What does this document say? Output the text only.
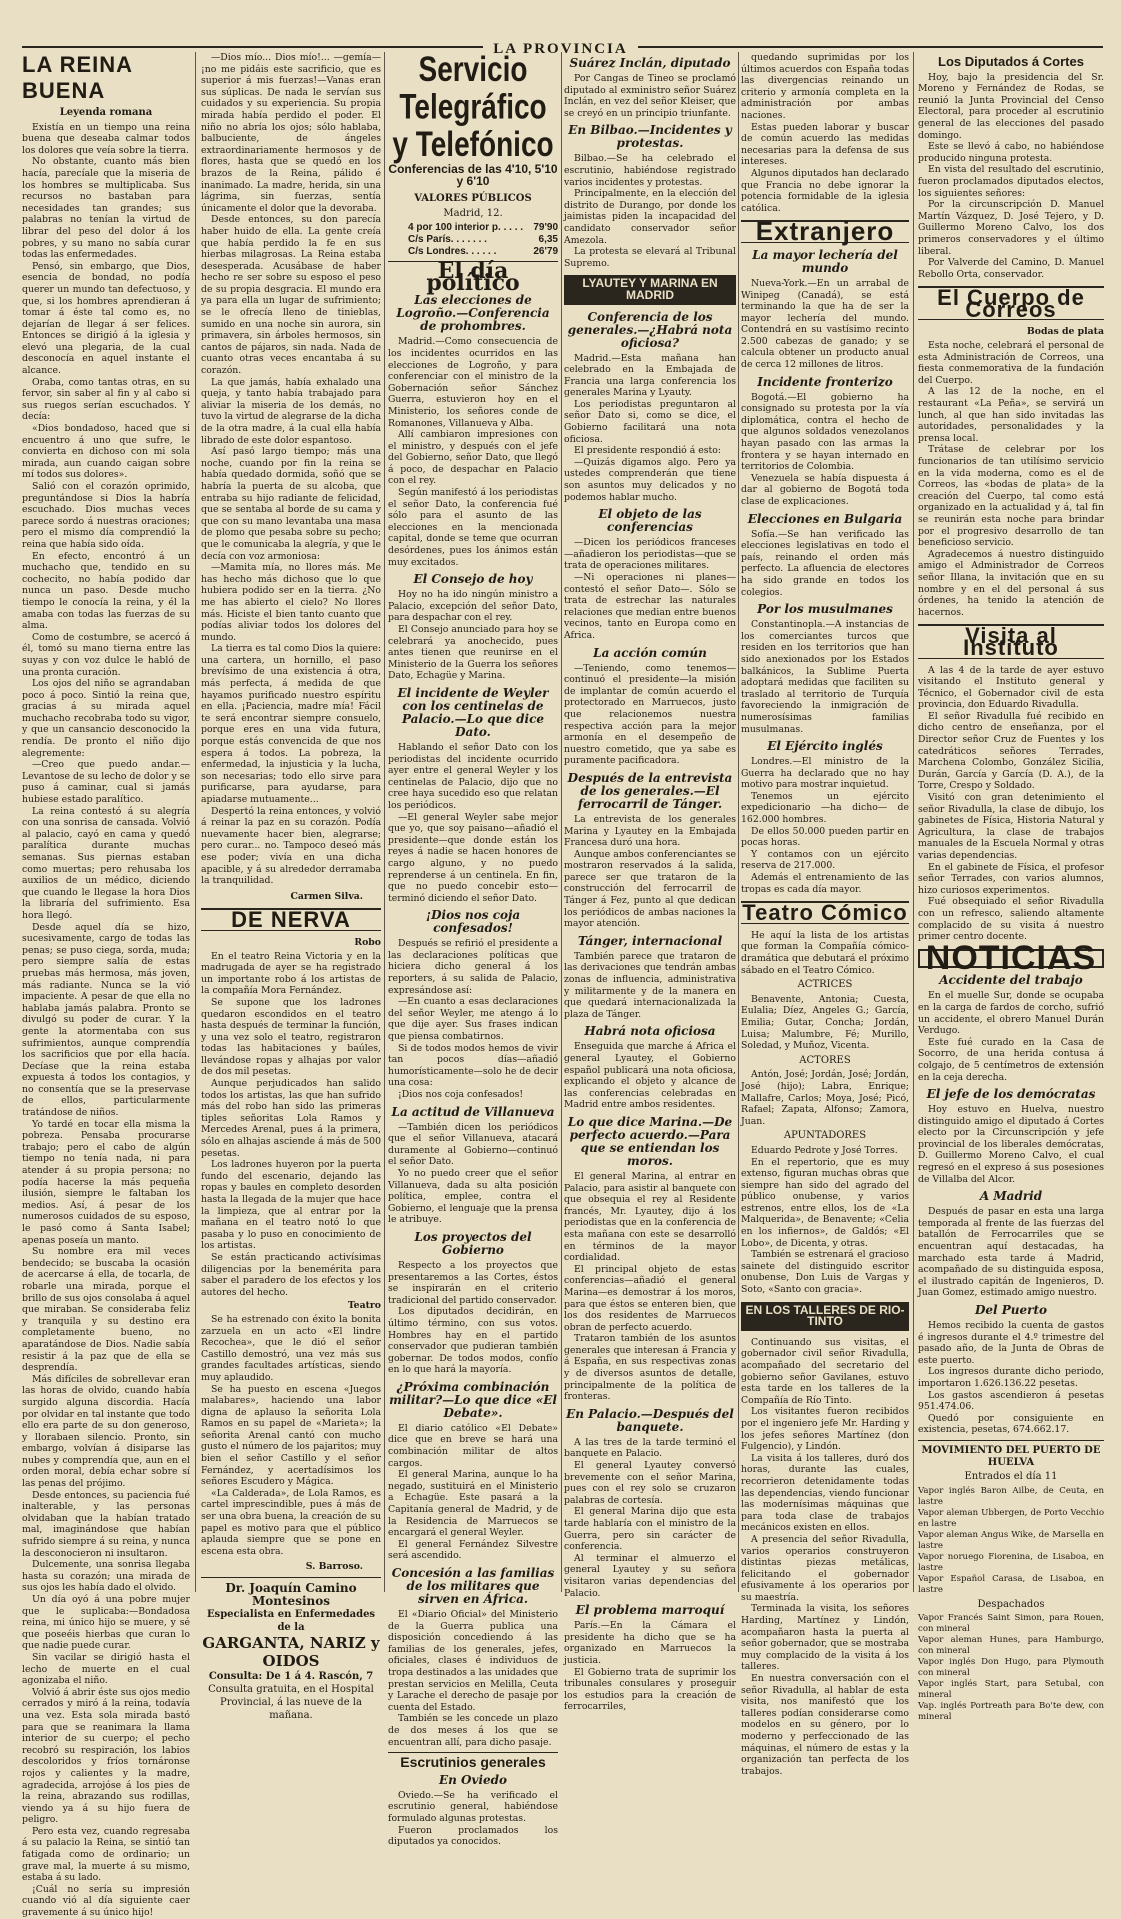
LA PROVINCIA
LA REINA BUENA
Leyenda romana

Existía en un tiempo una reina buena que deseaba calmar todos los dolores que veía sobre la tierra.

No obstante, cuanto más bien hacía, parecíale que la miseria de los hombres se multiplicaba. Sus recursos no bastaban para necesidades tan grandes; sus palabras no tenían la virtud de librar del peso del dolor á los pobres, y su mano no sabía curar todas las enfermedades.

Pensó, sin embargo, que Dios, esencia de bondad, no podía querer un mundo tan defectuoso, y que, si los hombres aprendieran á tomar á éste tal como es, no dejarían de llegar á ser felices. Entonces se dirigió á la iglesia y elevó una plegaria, de la cual desconocía en aquel instante el alcance.

Oraba, como tantas otras, en su fervor, sin saber al fin y al cabo si sus ruegos serían escuchados. Y decía:

«Dios bondadoso, haced que si encuentro á uno que sufre, le convierta en dichoso con mi sola mirada, aun cuando caigan sobre mí todos sus dolores».

Salió con el corazón oprimido, preguntándose si Dios la habría escuchado. Dios muchas veces parece sordo á nuestras oraciones; pero el mismo día comprendió la reina que había sido oída.

En efecto, encontró á un muchacho que, tendido en su cochecito, no había podido dar nunca un paso. Desde mucho tiempo le conocía la reina, y él la amaba con todas las fuerzas de su alma.

Como de costumbre, se acercó á él, tomó su mano tierna entre las suyas y con voz dulce le habló de una pronta curación.

Los ojos del niño se agrandaban poco á poco. Sintió la reina que, gracias á su mirada aquel muchacho recobraba todo su vigor, y que un cansancio desconocido la rendía. De pronto el niño dijo alegremente:

—Creo que puedo andar.—Levantose de su lecho de dolor y se puso á caminar, cual si jamás hubiese estado paralítico.

La reina contestó á su alegría con una sonrisa de cansada. Volvió al palacio, cayó en cama y quedó paralítica durante muchas semanas. Sus piernas estaban como muertas; pero rehusaba los auxilios de un médico, diciendo que cuando le llegase la hora Dios la libraría del sufrimiento. Esa hora llegó.

Desde aquel día se hizo, sucesivamente, cargo de todas las penas; se puso ciega, sorda, muda; pero siempre salía de estas pruebas más hermosa, más joven, más radiante. Nunca se la vió impaciente. A pesar de que ella no hablaba jamás palabra. Pronto se divulgó su poder de curar. Y la gente la atormentaba con sus sufrimientos, aunque comprendía los sacrificios que por ella hacía. Decíase que la reina estaba expuesta á todos los contagios, y no consentía que se la preservase de ellos, particularmente tratándose de niños.

Yo tardé en tocar ella misma la pobreza. Pensaba procurarse trabajo; pero el cabo de algún tiempo no tenía nada, ni para atender á su propia persona; no podía hacerse la más pequeña ilusión, siempre le faltaban los medios. Así, á pesar de los numerosos cuidados de su esposo, le pasó como á Santa Isabel; apenas poseía un manto.

Su nombre era mil veces bendecido; se buscaba la ocasión de acercarse á ella, de tocarla, de robarle una mirada, porque el brillo de sus ojos consolaba á aquel que miraban. Se consideraba feliz y tranquila y su destino era completamente bueno, no aparatándose de Dios. Nadie sabía resistir á la paz que de ella se desprendía.

Más difíciles de sobrellevar eran las horas de olvido, cuando había surgido alguna discordia. Hacía por olvidar en tal instante que todo ello era parte de su don generoso, y llorabaen silencio. Pronto, sin embargo, volvían á disiparse las nubes y comprendía que, aun en el orden moral, debía echar sobre sí las penas del prójimo.

Desde entonces, su paciencia fué inalterable, y las personas olvidaban que la habían tratado mal, imaginándose que habían sufrido siempre á su reina, y nunca la desconocieron ni insultaron.

Dulcemente, una sonrisa llegaba hasta su corazón; una mirada de sus ojos les había dado el olvido.

Un día oyó á una pobre mujer que le suplicaba:—Bondadosa reina, mi único hijo se muere, y sé que poseéis hierbas que curan lo que nadie puede curar.

Sin vacilar se dirigió hasta el lecho de muerte en el cual agonizaba el niño.

Volvió á abrir éste sus ojos medio cerrados y miró á la reina, todavía una vez. Esta sola mirada bastó para que se reanimara la llama interior de su cuerpo; el pecho recobró su respiración, los labios descoloridos y fríos tornáronse rojos y calientes y la madre, agradecida, arrojóse á los pies de la reina, abrazando sus rodillas, viendo ya á su hijo fuera de peligro.

Pero esta vez, cuando regresaba á su palacio la Reina, se sintió tan fatigada como de ordinario; un grave mal, la muerte á su mismo, estaba á su lado.

¡Cuál no sería su impresión cuando vió al día siguiente caer gravemente á su único hijo!

—Dios mío... Dios mío!... —gemía—¡no me pidáis este sacrificio, que es superior á mis fuerzas!—Vanas eran sus súplicas. De nada le servían sus cuidados y su experiencia. Su propia mirada había perdido el poder. El niño no abría los ojos; sólo hablaba, balbuciente, de ángeles extraordinariamente hermosos y de flores, hasta que se quedó en los brazos de la Reina, pálido é inanimado. La madre, herida, sin una lágrima, sin fuerzas, sentía únicamente el dolor que la devoraba.

Desde entonces, su don parecía haber huido de ella. La gente creía que había perdido la fe en sus hierbas milagrosas. La Reina estaba desesperada. Acusábase de haber hecho re ser sobre su esposo el peso de su propia desgracia. El mundo era ya para ella un lugar de sufrimiento; se le ofrecía lleno de tinieblas, sumido en una noche sin aurora, sin primavera, sin árboles hermosos, sin cantos de pájaros, sin nada. Nada de cuanto otras veces encantaba á su corazón.

La que jamás, había exhalado una queja, y tanto había trabajado para aliviar la miseria de los demás, no tuvo la virtud de alegrarse de la dicha de la otra madre, á la cual ella había librado de este dolor espantoso.

Así pasó largo tiempo; más una noche, cuando por fin la reina se había quedado dormida, soñó que se habría la puerta de su alcoba, que entraba su hijo radiante de felicidad, que se sentaba al borde de su cama y que con su mano levantaba una masa de plomo que pesaba sobre su pecho; que le comunicaba la alegría, y que le decía con voz armoniosa:

—Mamita mía, no llores más. Me has hecho más dichoso que lo que hubiera podido ser en la tierra. ¿No me has abierto el cielo? No llores más. Hiciste el bien tanto cuanto que podías aliviar todos los dolores del mundo.

La tierra es tal como Dios la quiere: una cartera, un hornillo, el paso brevísimo de una existencia á otra, más perfecta, á medida de que hayamos purificado nuestro espíritu en ella. ¡Paciencia, madre mía! Fácil te será encontrar siempre consuelo, porque eres en una vida futura, porque estás convencida de que nos espera á todos. La pobreza, la enfermedad, la injusticia y la lucha, son necesarias; todo ello sirve para purificarse, para ayudarse, para apiadarse mutuamente...

Despertó la reina entonces, y volvió á reinar la paz en su corazón. Podía nuevamente hacer bien, alegrarse; pero curar... no. Tampoco deseó más ese poder; vivía en una dicha apacible, y á su alrededor derramaba la tranquilidad.

Carmen Silva.
DE NERVA
Robo

En el teatro Reina Victoria y en la madrugada de ayer se ha registrado un importante robo á los artistas de la compañía Mora Fernández.

Se supone que los ladrones quedaron escondidos en el teatro hasta después de terminar la función, y una vez solo el teatro, registraron todas las habitaciones y baúles, llevándose ropas y alhajas por valor de dos mil pesetas.

Aunque perjudicados han salido todos los artistas, las que han sufrido más del robo han sido las primeras tiples señoritas Lola Ramos y Mercedes Arenal, pues á la primera, sólo en alhajas asciende á más de 500 pesetas.

Los ladrones huyeron por la puerta fundo del escenario, dejando las ropas y baules en completo desorden hasta la llegada de la mujer que hace la limpieza, que al entrar por la mañana en el teatro notó lo que pasaba y lo puso en conocimiento de los artistas.

Se están practicando activísimas diligencias por la benemérita para saber el paradero de los efectos y los autores del hecho.

Teatro

Se ha estrenado con éxito la bonita zarzuela en un acto «El lindre Recochea», que le dió el señor Castillo demostró, una vez más sus grandes facultades artísticas, siendo muy aplaudido.

Se ha puesto en escena «Juegos malabares», haciendo una labor digna de aplauso la señorita Lola Ramos en su papel de «Marieta»; la señorita Arenal cantó con mucho gusto el número de los pajaritos; muy bien el señor Castillo y el señor Fernández, y acertadísimos los señores Escudero y Mágica.

«La Calderada», de Lola Ramos, es cartel imprescindible, pues á más de ser una obra buena, la creación de su papel es motivo para que el público aplauda siempre que se pone en escena esta obra.

S. Barroso.
Dr. Joaquín Camino Montesinos
Especialista en Enfermedades de la
GARGANTA, NARIZ y OIDOS
Consulta: De 1 á 4. Rascón, 7
Consulta gratuita, en el Hospital Provincial, á las nueve de la mañana.
Servicio Telegráfico y Telefónico
Conferencias de las 4'10, 5'10 y 6'10
VALORES PÚBLICOS
Madrid, 12.
4 por 100 interior p. . . . . 79'90
C/s París. . . . . . .	6,35
C/s Londres. . . . . .	26'79
El día político
Las elecciones de Logroño.—Conferencia de prohombres.

Madrid.—Como consecuencia de los incidentes ocurridos en las elecciones de Logroño, y para conferenciar con el ministro de la Gobernación señor Sánchez Guerra, estuvieron hoy en el Ministerio, los señores conde de Romanones, Villanueva y Alba.

Allí cambiaron impresiones con el ministro, y después con el jefe del Gobierno, señor Dato, que llegó á poco, de despachar en Palacio con el rey.

Según manifestó á los periodistas el señor Dato, la conferencia fué sólo para el asunto de las elecciones en la mencionada capital, donde se teme que ocurran desórdenes, pues los ánimos están muy excitados.

El Consejo de hoy

Hoy no ha ido ningún ministro a Palacio, excepción del señor Dato, para despachar con el rey.

El Consejo anunciado para hoy se celebrará ya anochecido, pues antes tienen que reunirse en el Ministerio de la Guerra los señores Dato, Echagüe y Marina.

El incidente de Weyler con los centinelas de Palacio.—Lo que dice Dato.

Hablando el señor Dato con los periodistas del incidente ocurrido ayer entre el general Weyler y los centinelas de Palacio, dijo que no cree haya sucedido eso que relatan los periódicos.

—El general Weyler sabe mejor que yo, que soy paisano—añadió el presidente—que donde están los reyes á nadie se hacen honores de cargo alguno, y no puedo reprenderse á un centinela. En fin, que no puedo concebir esto—terminó diciendo el señor Dato.

¡Dios nos coja confesados!

Después se refirió el presidente a las declaraciones políticas que hiciera dicho general á los reporters, á su salida de Palacio, expresándose así:

—En cuanto a esas declaraciones del señor Weyler, me atengo á lo que dije ayer. Sus frases indican que piensa combatirnos.

Si de todos modos hemos de vivir tan pocos días—añadió humorísticamente—solo he de decir una cosa:

¡Dios nos coja confesados!

La actitud de Villanueva

—También dicen los periódicos que el señor Villanueva, atacará duramente al Gobierno—continuó el señor Dato.

Yo no puedo creer que el señor Villanueva, dada su alta posición política, emplee, contra el Gobierno, el lenguaje que la prensa le atribuye.

Los proyectos del Gobierno

Respecto a los proyectos que presentaremos a las Cortes, éstos se inspirarán en el criterio tradicional del partido conservador.

Los diputados decidirán, en último término, con sus votos. Hombres hay en el partido conservador que pudieran también gobernar. De todos modos, confío en lo que hará la mayoría.

¿Próxima combinación militar?—Lo que dice «El Debate».

El diario católico «El Debate» dice que en breve se hará una combinación militar de altos cargos.

El general Marina, aunque lo ha negado, sustituirá en el Ministerio a Echagüe. Este pasará a la Capitanía general de Madrid, y de la Residencia de Marruecos se encargará el general Weyler.

El general Fernández Silvestre será ascendido.

Concesión a las familias de los militares que sirven en África.

El «Diario Oficial» del Ministerio de la Guerra publica una disposición concediendo á las familias de los generales, jefes, oficiales, clases é individuos de tropa destinados a las unidades que prestan servicios en Melilla, Ceuta y Larache el derecho de pasaje por cuenta del Estado.

También se les concede un plazo de dos meses á los que se encuentran allí, para dicho pasaje.

Escrutinios generales
En Oviedo

Oviedo.—Se ha verificado el escrutinio general, habiéndose formulado algunas protestas.

Fueron proclamados los diputados ya conocidos.

Suárez Inclán, diputado

Por Cangas de Tineo se proclamó diputado al exministro señor Suárez Inclán, en vez del señor Kleiser, que se creyó en un principio triunfante.

En Bilbao.—Incidentes y protestas.

Bilbao.—Se ha celebrado el escrutinio, habiéndose registrado varios incidentes y protestas.

Principalmente, en la elección del distrito de Durango, por donde los jaimistas piden la incapacidad del candidato conservador señor Amezola.

La protesta se elevará al Tribunal Supremo.

LYAUTEY Y MARINA EN MADRID
Conferencia de los generales.—¿Habrá nota oficiosa?

Madrid.—Esta mañana han celebrado en la Embajada de Francia una larga conferencia los generales Marina y Lyauty.

Los periodistas preguntaron al señor Dato si, como se dice, el Gobierno facilitará una nota oficiosa.

El presidente respondió á esto:

—Quizás digamos algo. Pero ya ustedes comprenderán que tiene son asuntos muy delicados y no podemos hablar mucho.

El objeto de las conferencias

—Dicen los periódicos franceses—añadieron los periodistas—que se trata de operaciones militares.

—Ni operaciones ni planes—contestó el señor Dato—. Sólo se trata de estrechar las naturales relaciones que median entre buenos vecinos, tanto en Europa como en Africa.

La acción común

—Teniendo, como tenemos—continuó el presidente—la misión de implantar de común acuerdo el protectorado en Marruecos, justo que relacionemos nuestra respectiva acción para la mejor armonía en el desempeño de nuestro cometido, que ya sabe es puramente pacificadora.

Después de la entrevista de los generales.—El ferrocarril de Tánger.

La entrevista de los generales Marina y Lyautey en la Embajada Francesa duró una hora.

Aunque ambos conferenciantes se mostraron reservados á la salida, parece ser que trataron de la construcción del ferrocarril de Tánger á Fez, punto al que dedican los periódicos de ambas naciones la mayor atención.

Tánger, internacional

También parece que trataron de las derivaciones que tendrán ambas zonas de influencia, administrativa y militarmente y de la manera en que quedará internacionalizada la plaza de Tánger.

Habrá nota oficiosa

Enseguida que marche á Africa el general Lyautey, el Gobierno español publicará una nota oficiosa, explicando el objeto y alcance de las conferencias celebradas en Madrid entre ambos residentes.

Lo que dice Marina.—De perfecto acuerdo.—Para que se entiendan los moros.

El general Marina, al entrar en Palacio, para asistir al banquete con que obsequia el rey al Residente francés, Mr. Lyautey, dijo á los periodistas que en la conferencia de esta mañana con este se desarrolló en términos de la mayor cordialidad.

El principal objeto de estas conferencias—añadió el general Marina—es demostrar á los moros, para que éstos se enteren bien, que los dos residentes de Marruecos obran de perfecto acuerdo.

Trataron también de los asuntos generales que interesan á Francia y á España, en sus respectivas zonas y de diversos asuntos de detalle, principalmente de la política de fronteras.

En Palacio.—Después del banquete.

A las tres de la tarde terminó el banquete en Palacio.

El general Lyautey conversó brevemente con el señor Marina, pues con el rey solo se cruzaron palabras de cortesía.

El general Marina dijo que esta tarde hablaría con el ministro de la Guerra, pero sin carácter de conferencia.

Al terminar el almuerzo el general Lyautey y su señora visitaron varias dependencias del Palacio.

El problema marroquí

París.—En la Cámara el presidente ha dicho que se ha organizado en Marruecos la justicia.

El Gobierno trata de suprimir los tribunales consulares y proseguir los estudios para la creación de ferrocarriles,

quedando suprimidas por los últimos acuerdos con España todas las divergencias reinando un criterio y armonía completa en la administración por ambas naciones.

Estas pueden laborar y buscar de común acuerdo las medidas necesarias para la defensa de sus intereses.

Algunos diputados han declarado que Francia no debe ignorar la potencia formidable de la iglesia católica.

Extranjero
La mayor lechería del mundo

Nueva-York.—En un arrabal de Winipeg (Canadá), se está terminando la que ha de ser la mayor lechería del mundo. Contendrá en su vastísimo recinto 2.500 cabezas de ganado; y se calcula obtener un producto anual de cerca 12 millones de litros.

Incidente fronterizo

Bogotá.—El gobierno ha consignado su protesta por la vía diplomática, contra el hecho de que algunos soldados venezolanos hayan pasado con las armas la frontera y se hayan internado en territorios de Colombia.

Venezuela se había dispuesta á dar al gobierno de Bogotá toda clase de explicaciones.

Elecciones en Bulgaria

Sofía.—Se han verificado las elecciones legislativas en todo el país, reinando el orden más perfecto. La afluencia de electores ha sido grande en todos los colegios.

Por los musulmanes

Constantinopla.—A instancias de los comerciantes turcos que residen en los territorios que han sido anexionados por los Estados balkánicos, la Sublime Puerta adoptará medidas que faciliten su traslado al territorio de Turquía favoreciendo la inmigración de numerosísimas familias musulmanas.

El Ejército inglés

Londres.—El ministro de la Guerra ha declarado que no hay motivo para mostrar inquietud.

Tenemos un ejército expedicionario —ha dicho— de 162.000 hombres.

De ellos 50.000 pueden partir en pocas horas.

Y contamos con un ejército reserva de 217.000.

Además el entrenamiento de las tropas es cada día mayor.

Teatro Cómico

He aquí la lista de los artistas que forman la Compañía cómico-dramática que debutará el próximo sábado en el Teatro Cómico.

ACTRICES

Benavente, Antonia; Cuesta, Eulalia; Díez, Angeles G.; García, Emilia; Gutar, Concha; Jordán, Luisa; Malumbre, Fé; Murillo, Soledad, y Muñoz, Vicenta.

ACTORES

Antón, José; Jordán, José; Jordán, José (hijo); Labra, Enrique; Mallafre, Carlos; Moya, José; Picó, Rafael; Zapata, Alfonso; Zamora, Juan.

APUNTADORES

Eduardo Pedrote y José Torres.

En el repertorio, que es muy extenso, figuran muchas obras que siempre han sido del agrado del público onubense, y varios estrenos, entre ellos, los de «La Malquerida», de Benavente; «Celia en los infiernos», de Galdós; «El Lobo», de Dicenta, y otras.

También se estrenará el gracioso sainete del distinguido escritor onubense, Don Luis de Vargas y Soto, «Santo con gracia».

EN LOS TALLERES DE RIO-TINTO

Continuando sus visitas, el gobernador civil señor Rivadulla, acompañado del secretario del gobierno señor Gavilanes, estuvo esta tarde en los talleres de la Compañía de Río Tinto.

Los visitantes fueron recibidos por el ingeniero jefe Mr. Harding y los jefes señores Martínez (don Fulgencio), y Lindón.

La visita á los talleres, duró dos horas, durante las cuales, recorrieron detenidamente todas las dependencias, viendo funcionar las modernísimas máquinas que para toda clase de trabajos mecánicos existen en ellos.

A presencia del señor Rivadulla, varios operarios construyeron distintas piezas metálicas, felicitando el gobernador efusivamente á los operarios por su maestría.

Terminada la visita, los señores Harding, Martínez y Lindón, acompañaron hasta la puerta al señor gobernador, que se mostraba muy complacido de la visita á los talleres.

En nuestra conversación con el señor Rivadulla, al hablar de esta visita, nos manifestó que los talleres podían considerarse como modelos en su género, por lo moderno y perfeccionado de las máquinas, el número de estas y la organización tan perfecta de los trabajos.

Los Diputados á Cortes

Hoy, bajo la presidencia del Sr. Moreno y Fernández de Rodas, se reunió la Junta Provincial del Censo Electoral, para proceder al escrutinio general de las elecciones del pasado domingo.

Este se llevó á cabo, no habiéndose producido ninguna protesta.

En vista del resultado del escrutinio, fueron proclamados diputados electos, los siguientes señores:

Por la circunscripción D. Manuel Martín Vázquez, D. José Tejero, y D. Guillermo Moreno Calvo, los dos primeros conservadores y el último liberal.

Por Valverde del Camino, D. Manuel Rebollo Orta, conservador.

El Cuerpo de Correos
Bodas de plata

Esta noche, celebrará el personal de esta Administración de Correos, una fiesta conmemorativa de la fundación del Cuerpo.

A las 12 de la noche, en el restaurant «La Peña», se servirá un lunch, al que han sido invitadas las autoridades, personalidades y la prensa local.

Trátase de celebrar por los funcionarios de tan utilísimo servicio en la vida moderna, como es el de Correos, las «bodas de plata» de la creación del Cuerpo, tal como está organizado en la actualidad y á, tal fin se reunirán esta noche para brindar por el progresivo desarrollo de tan beneficioso servicio.

Agradecemos á nuestro distinguido amigo el Administrador de Correos señor Illana, la invitación que en su nombre y en el del personal á sus órdenes, ha tenido la atención de hacernos.

Visita al Instituto

A las 4 de la tarde de ayer estuvo visitando el Instituto general y Técnico, el Gobernador civil de esta provincia, don Eduardo Rivadulla.

El señor Rivadulla fué recibido en dicho centro de enseñanza, por el Director señor Cruz de Fuentes y los catedráticos señores Terrades, Marchena Colombo, González Sicilia, Durán, García y García (D. A.), de la Torre, Crespo y Soldado.

Visitó con gran detenimiento el señor Rivadulla, la clase de dibujo, los gabinetes de Física, Historia Natural y Agricultura, la clase de trabajos manuales de la Escuela Normal y otras varias dependencias.

En el gabinete de Física, el profesor señor Terrades, con varios alumnos, hizo curiosos experimentos.

Fué obsequiado el señor Rivadulla con un refresco, saliendo altamente complacido de su visita á nuestro primer centro docente.

NOTICIAS
Accidente del trabajo

En el muelle Sur, donde se ocupaba en la carga de fardos de corcho, sufrió un accidente, el obrero Manuel Durán Verdugo.

Este fué curado en la Casa de Socorro, de una herida contusa á colgajo, de 5 centímetros de extensión en la ceja derecha.

El jefe de los demócratas

Hoy estuvo en Huelva, nuestro distinguido amigo el diputado á Cortes electo por la Circunscripción y jefe provincial de los liberales demócratas, D. Guillermo Moreno Calvo, el cual regresó en el expreso á sus posesiones de Villalba del Alcor.

A Madrid

Después de pasar en esta una larga temporada al frente de las fuerzas del batallón de Ferrocarriles que se encuentran aquí destacadas, ha marchado esta tarde á Madrid, acompañado de su distinguida esposa, el ilustrado capitán de Ingenieros, D. Juan Gomez, estimado amigo nuestro.

Del Puerto

Hemos recibido la cuenta de gastos é ingresos durante el 4.º trimestre del pasado año, de la Junta de Obras de este puerto.

Los ingresos durante dicho periodo, importaron 1.626.136.22 pesetas.

Los gastos ascendieron á pesetas 951.474.06.

Quedó por consiguiente en existencia, pesetas, 674.662.17.

MOVIMIENTO DEL PUERTO DE HUELVA
Entrados el día 11
Vapor inglés Baron Ailbe, de Ceuta, en lastre
Vapor aleman Ubbergen, de Porto Vecchio en lastre
Vapor aleman Angus Wike, de Marsella en lastre
Vapor noruego Fiorenina, de Lisaboa, en lastre
Vapor Español Carasa, de Lisaboa, en lastre
Despachados
Vapor Francés Saint Simon, para Rouen, con mineral
Vapor aleman Hunes, para Hamburgo, con mineral
Vapor inglés Don Hugo, para Plymouth con mineral
Vapor inglés Start, para Setubal, con mineral
Vap. inglés Portreath para Bo'te dew, con mineral
